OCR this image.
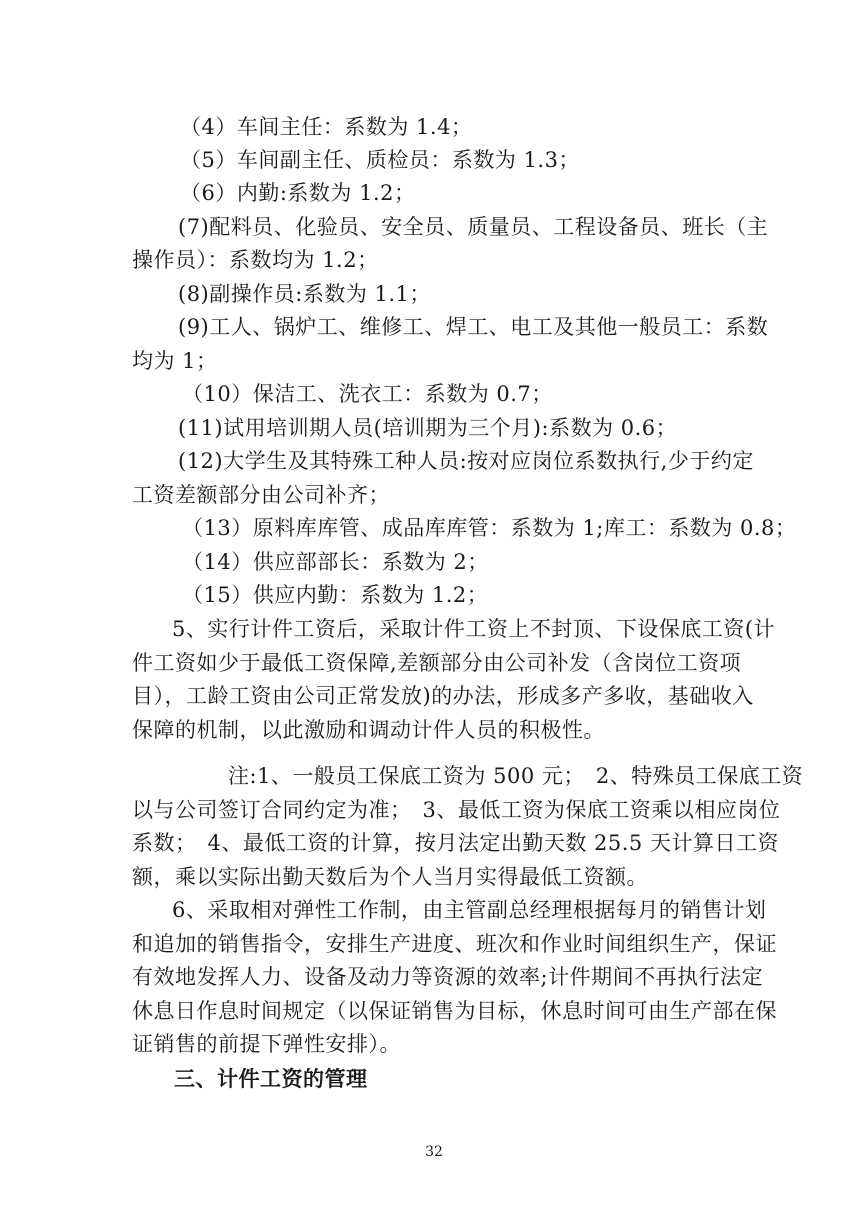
（4）车间主任：系数为 1.4；
（5）车间副主任、质检员：系数为 1.3；
（6）内勤:系数为 1.2；
(7)配料员、化验员、安全员、质量员、工程设备员、班长（主
操作员）：系数均为 1.2；
(8)副操作员:系数为 1.1；
(9)工人、锅炉工、维修工、焊工、电工及其他一般员工：系数
均为 1；
（10）保洁工、洗衣工：系数为 0.7；
(11)试用培训期人员(培训期为三个月):系数为 0.6；
(12)大学生及其特殊工种人员:按对应岗位系数执行,少于约定
工资差额部分由公司补齐；
（13）原料库库管、成品库库管：系数为 1;库工：系数为 0.8；
（14）供应部部长：系数为 2；
（15）供应内勤：系数为 1.2；
5、实行计件工资后，采取计件工资上不封顶、下设保底工资(计
件工资如少于最低工资保障,差额部分由公司补发（含岗位工资项
目），工龄工资由公司正常发放)的办法，形成多产多收，基础收入
保障的机制，以此激励和调动计件人员的积极性。
注:1、一般员工保底工资为 500 元；　2、特殊员工保底工资
以与公司签订合同约定为准；　3、最低工资为保底工资乘以相应岗位
系数；　4、最低工资的计算，按月法定出勤天数 25.5 天计算日工资
额，乘以实际出勤天数后为个人当月实得最低工资额。
6、采取相对弹性工作制，由主管副总经理根据每月的销售计划
和追加的销售指令，安排生产进度、班次和作业时间组织生产，保证
有效地发挥人力、设备及动力等资源的效率;计件期间不再执行法定
休息日作息时间规定（以保证销售为目标，休息时间可由生产部在保
证销售的前提下弹性安排）。
三、计件工资的管理
32
